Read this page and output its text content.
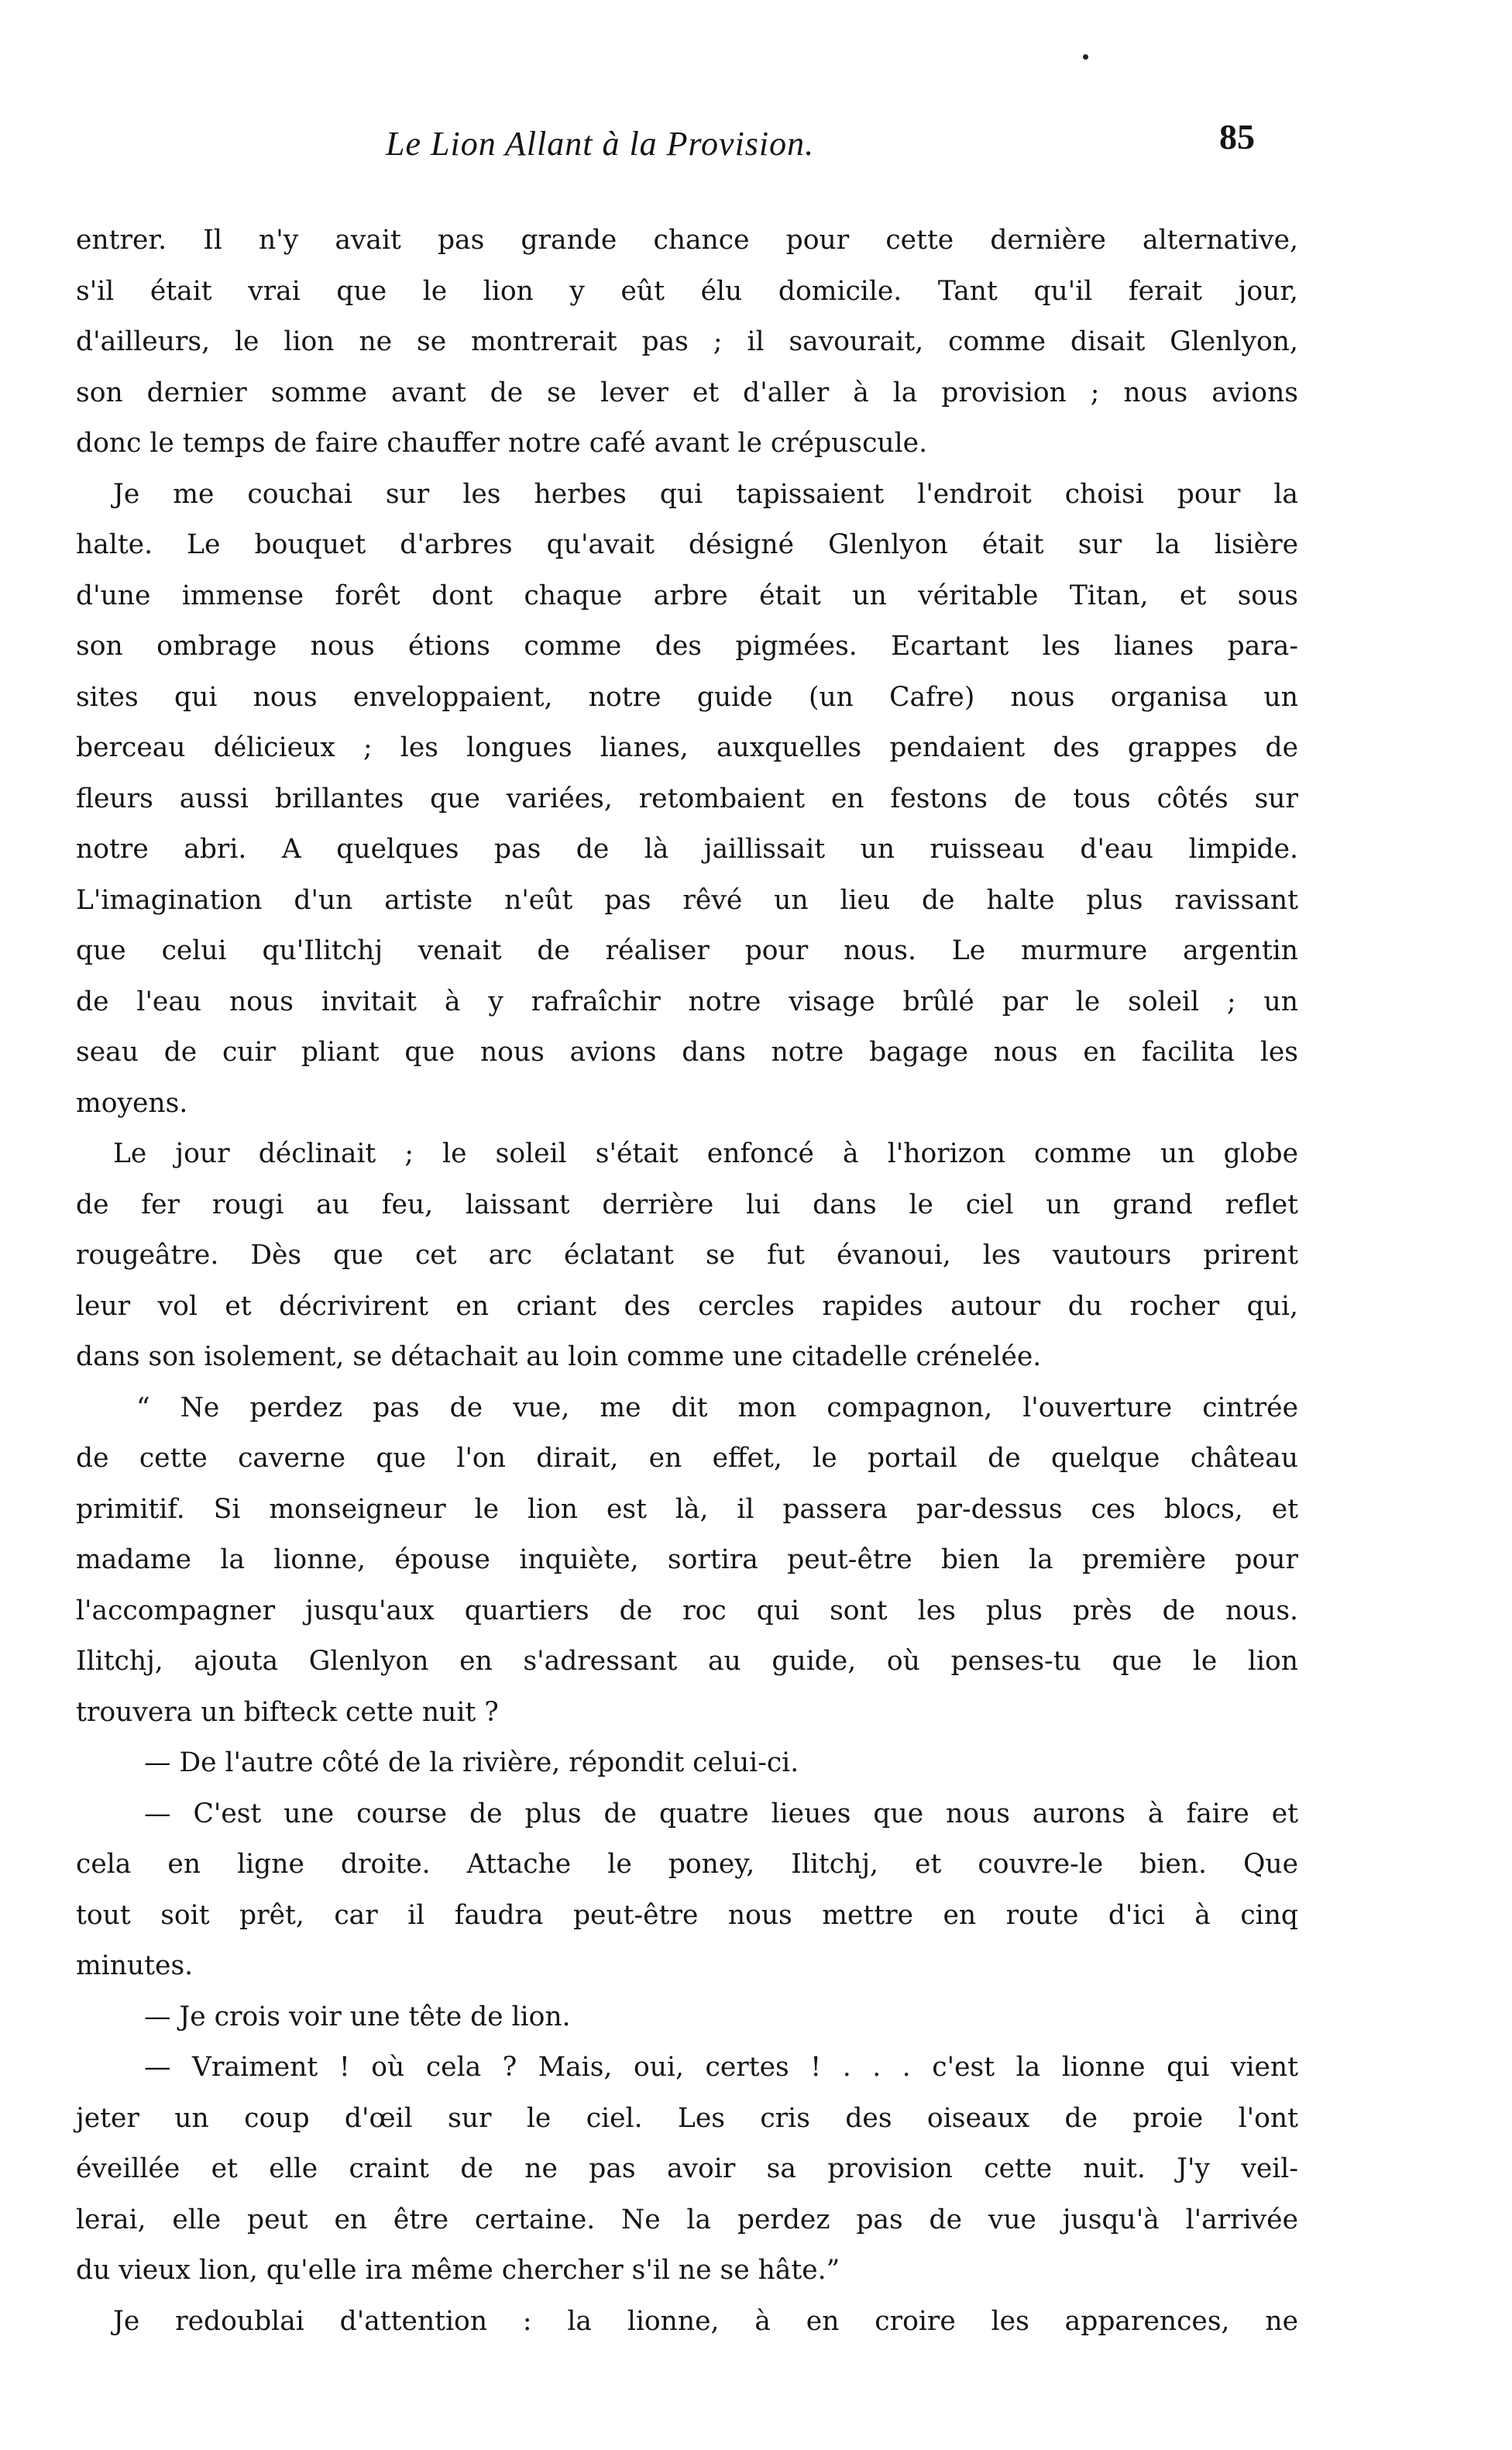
Le Lion Allant à la Provision.	85

entrer. Il n'y avait pas grande chance pour cette dernière alternative,
s'il était vrai que le lion y eût élu domicile. Tant qu'il ferait jour,
d'ailleurs, le lion ne se montrerait pas ; il savourait, comme disait Glenlyon,
son dernier somme avant de se lever et d'aller à la provision ; nous avions
donc le temps de faire chauffer notre café avant le crépuscule.

Je me couchai sur les herbes qui tapissaient l'endroit choisi pour la
halte. Le bouquet d'arbres qu'avait désigné Glenlyon était sur la lisière
d'une immense forêt dont chaque arbre était un véritable Titan, et sous
son ombrage nous étions comme des pigmées. Ecartant les lianes para-
sites qui nous enveloppaient, notre guide (un Cafre) nous organisa un
berceau délicieux ; les longues lianes, auxquelles pendaient des grappes de
fleurs aussi brillantes que variées, retombaient en festons de tous côtés sur
notre abri. A quelques pas de là jaillissait un ruisseau d'eau limpide.
L'imagination d'un artiste n'eût pas rêvé un lieu de halte plus ravissant
que celui qu'Ilitchj venait de réaliser pour nous. Le murmure argentin
de l'eau nous invitait à y rafraîchir notre visage brûlé par le soleil ; un
seau de cuir pliant que nous avions dans notre bagage nous en facilita les
moyens.

Le jour déclinait ; le soleil s'était enfoncé à l'horizon comme un globe
de fer rougi au feu, laissant derrière lui dans le ciel un grand reflet
rougeâtre. Dès que cet arc éclatant se fut évanoui, les vautours prirent
leur vol et décrivirent en criant des cercles rapides autour du rocher qui,
dans son isolement, se détachait au loin comme une citadelle crénelée.

“ Ne perdez pas de vue, me dit mon compagnon, l'ouverture cintrée
de cette caverne que l'on dirait, en effet, le portail de quelque château
primitif. Si monseigneur le lion est là, il passera par-dessus ces blocs, et
madame la lionne, épouse inquiète, sortira peut-être bien la première pour
l'accompagner jusqu'aux quartiers de roc qui sont les plus près de nous.
Ilitchj, ajouta Glenlyon en s'adressant au guide, où penses-tu que le lion
trouvera un bifteck cette nuit ?

— De l'autre côté de la rivière, répondit celui-ci.

— C'est une course de plus de quatre lieues que nous aurons à faire et
cela en ligne droite. Attache le poney, Ilitchj, et couvre-le bien. Que
tout soit prêt, car il faudra peut-être nous mettre en route d'ici à cinq
minutes.

— Je crois voir une tête de lion.

— Vraiment ! où cela ? Mais, oui, certes ! . . . c'est la lionne qui vient
jeter un coup d'œil sur le ciel. Les cris des oiseaux de proie l'ont
éveillée et elle craint de ne pas avoir sa provision cette nuit. J'y veil-
lerai, elle peut en être certaine. Ne la perdez pas de vue jusqu'à l'arrivée
du vieux lion, qu'elle ira même chercher s'il ne se hâte.”

Je redoublai d'attention : la lionne, à en croire les apparences, ne
